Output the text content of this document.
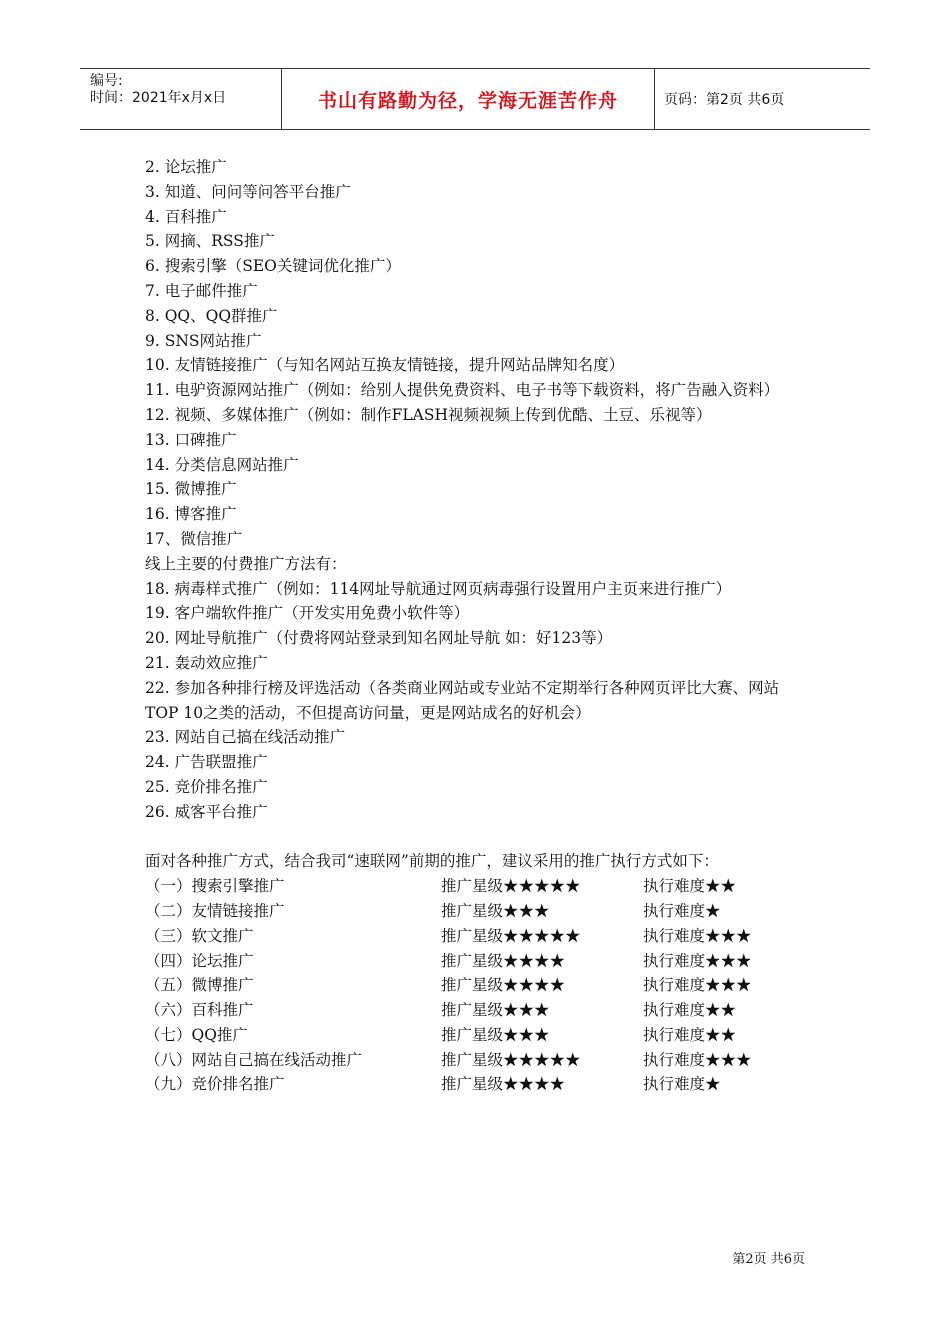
编号:
时间：2021年x月x日	书山有路勤为径，学海无涯苦作舟	页码：第2页 共6页

2. 论坛推广

3. 知道、问问等问答平台推广

4. 百科推广

5. 网摘、RSS推广

6. 搜索引擎（SEO关键词优化推广）

7. 电子邮件推广

8. QQ、QQ群推广

9. SNS网站推广

10. 友情链接推广（与知名网站互换友情链接，提升网站品牌知名度）

11. 电驴资源网站推广（例如：给别人提供免费资料、电子书等下载资料，将广告融入资料）

12. 视频、多媒体推广（例如：制作FLASH视频视频上传到优酷、土豆、乐视等）

13. 口碑推广

14. 分类信息网站推广

15. 微博推广

16. 博客推广

17、微信推广

线上主要的付费推广方法有：

18. 病毒样式推广（例如：114网址导航通过网页病毒强行设置用户主页来进行推广）

19. 客户端软件推广（开发实用免费小软件等）

20. 网址导航推广（付费将网站登录到知名网址导航 如：好123等）

21. 轰动效应推广

22. 参加各种排行榜及评选活动（各类商业网站或专业站不定期举行各种网页评比大赛、网站TOP 10之类的活动，不但提高访问量，更是网站成名的好机会）

23. 网站自己搞在线活动推广

24. 广告联盟推广

25. 竞价排名推广

26. 威客平台推广

面对各种推广方式，结合我司“速联网”前期的推广，建议采用的推广执行方式如下：

（一）搜索引擎推广	推广星级★★★★★	执行难度★★
（二）友情链接推广	推广星级★★★	执行难度★
（三）软文推广	推广星级★★★★★	执行难度★★★
（四）论坛推广	推广星级★★★★	执行难度★★★
（五）微博推广	推广星级★★★★	执行难度★★★
（六）百科推广	推广星级★★★	执行难度★★
（七）QQ推广	推广星级★★★	执行难度★★
（八）网站自己搞在线活动推广	推广星级★★★★★	执行难度★★★
（九）竞价排名推广	推广星级★★★★	执行难度★
第2页 共6页
